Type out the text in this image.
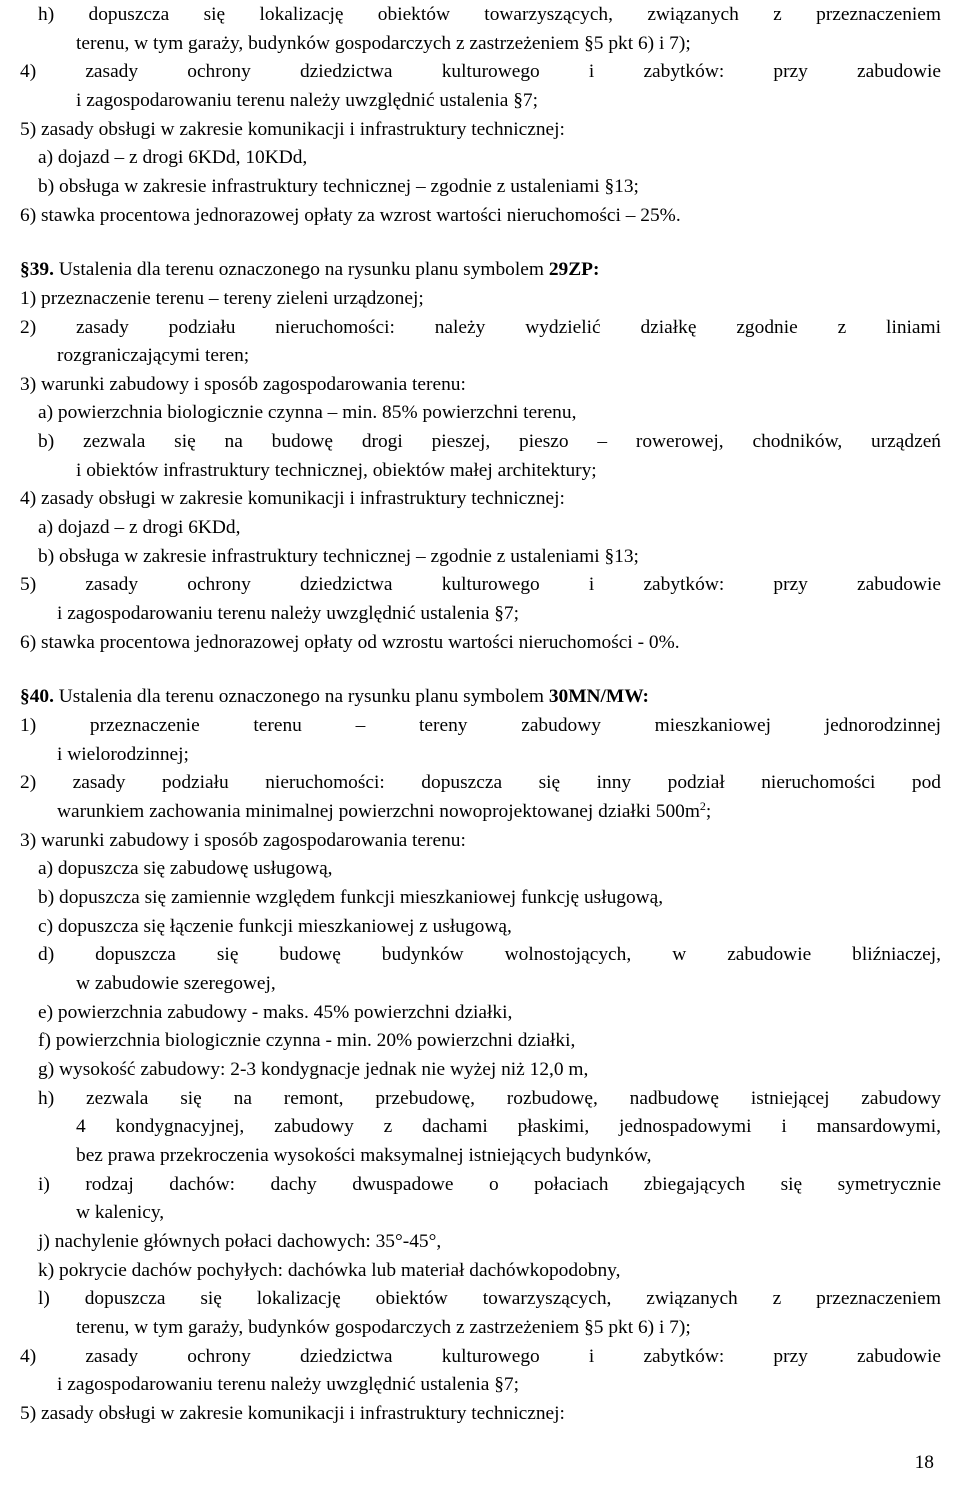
h) dopuszcza się lokalizację obiektów towarzyszących, związanych z przeznaczeniem
terenu, w tym garaży, budynków gospodarczych z zastrzeżeniem §5 pkt 6) i 7);
4) zasady ochrony dziedzictwa kulturowego i zabytków: przy zabudowie
i zagospodarowaniu terenu należy uwzględnić ustalenia §7;
5) zasady obsługi w zakresie komunikacji i infrastruktury technicznej:
a) dojazd – z drogi 6KDd, 10KDd,
b) obsługa w zakresie infrastruktury technicznej – zgodnie z ustaleniami §13;
6) stawka procentowa jednorazowej opłaty za wzrost wartości nieruchomości – 25%.
§39. Ustalenia dla terenu oznaczonego na rysunku planu symbolem 29ZP:
1) przeznaczenie terenu – tereny zieleni urządzonej;
2) zasady podziału nieruchomości: należy wydzielić działkę zgodnie z liniami
rozgraniczającymi teren;
3) warunki zabudowy i sposób zagospodarowania terenu:
a) powierzchnia biologicznie czynna – min. 85% powierzchni terenu,
b) zezwala się na budowę drogi pieszej, pieszo – rowerowej, chodników, urządzeń
i obiektów infrastruktury technicznej, obiektów małej architektury;
4) zasady obsługi w zakresie komunikacji i infrastruktury technicznej:
a) dojazd – z drogi 6KDd,
b) obsługa w zakresie infrastruktury technicznej – zgodnie z ustaleniami §13;
5) zasady ochrony dziedzictwa kulturowego i zabytków: przy zabudowie
i zagospodarowaniu terenu należy uwzględnić ustalenia §7;
6) stawka procentowa jednorazowej opłaty od wzrostu wartości nieruchomości - 0%.
§40. Ustalenia dla terenu oznaczonego na rysunku planu symbolem 30MN/MW:
1) przeznaczenie terenu – tereny zabudowy mieszkaniowej jednorodzinnej
i wielorodzinnej;
2) zasady podziału nieruchomości: dopuszcza się inny podział nieruchomości pod
warunkiem zachowania minimalnej powierzchni nowoprojektowanej działki $500m^2$;
3) warunki zabudowy i sposób zagospodarowania terenu:
a) dopuszcza się zabudowę usługową,
b) dopuszcza się zamiennie względem funkcji mieszkaniowej funkcję usługową,
c) dopuszcza się łączenie funkcji mieszkaniowej z usługową,
d) dopuszcza się budowę budynków wolnostojących, w zabudowie bliźniaczej,
w zabudowie szeregowej,
e) powierzchnia zabudowy - maks. 45% powierzchni działki,
f) powierzchnia biologicznie czynna - min. 20% powierzchni działki,
g) wysokość zabudowy: 2-3 kondygnacje jednak nie wyżej niż 12,0 m,
h) zezwala się na remont, przebudowę, rozbudowę, nadbudowę istniejącej zabudowy
4 kondygnacyjnej, zabudowy z dachami płaskimi, jednospadowymi i mansardowymi,
bez prawa przekroczenia wysokości maksymalnej istniejących budynków,
i) rodzaj dachów: dachy dwuspadowe o połaciach zbiegających się symetrycznie
w kalenicy,
j) nachylenie głównych połaci dachowych: 35°-45°,
k) pokrycie dachów pochyłych: dachówka lub materiał dachówkopodobny,
l) dopuszcza się lokalizację obiektów towarzyszących, związanych z przeznaczeniem
terenu, w tym garaży, budynków gospodarczych z zastrzeżeniem §5 pkt 6) i 7);
4) zasady ochrony dziedzictwa kulturowego i zabytków: przy zabudowie
i zagospodarowaniu terenu należy uwzględnić ustalenia §7;
5) zasady obsługi w zakresie komunikacji i infrastruktury technicznej:
18
